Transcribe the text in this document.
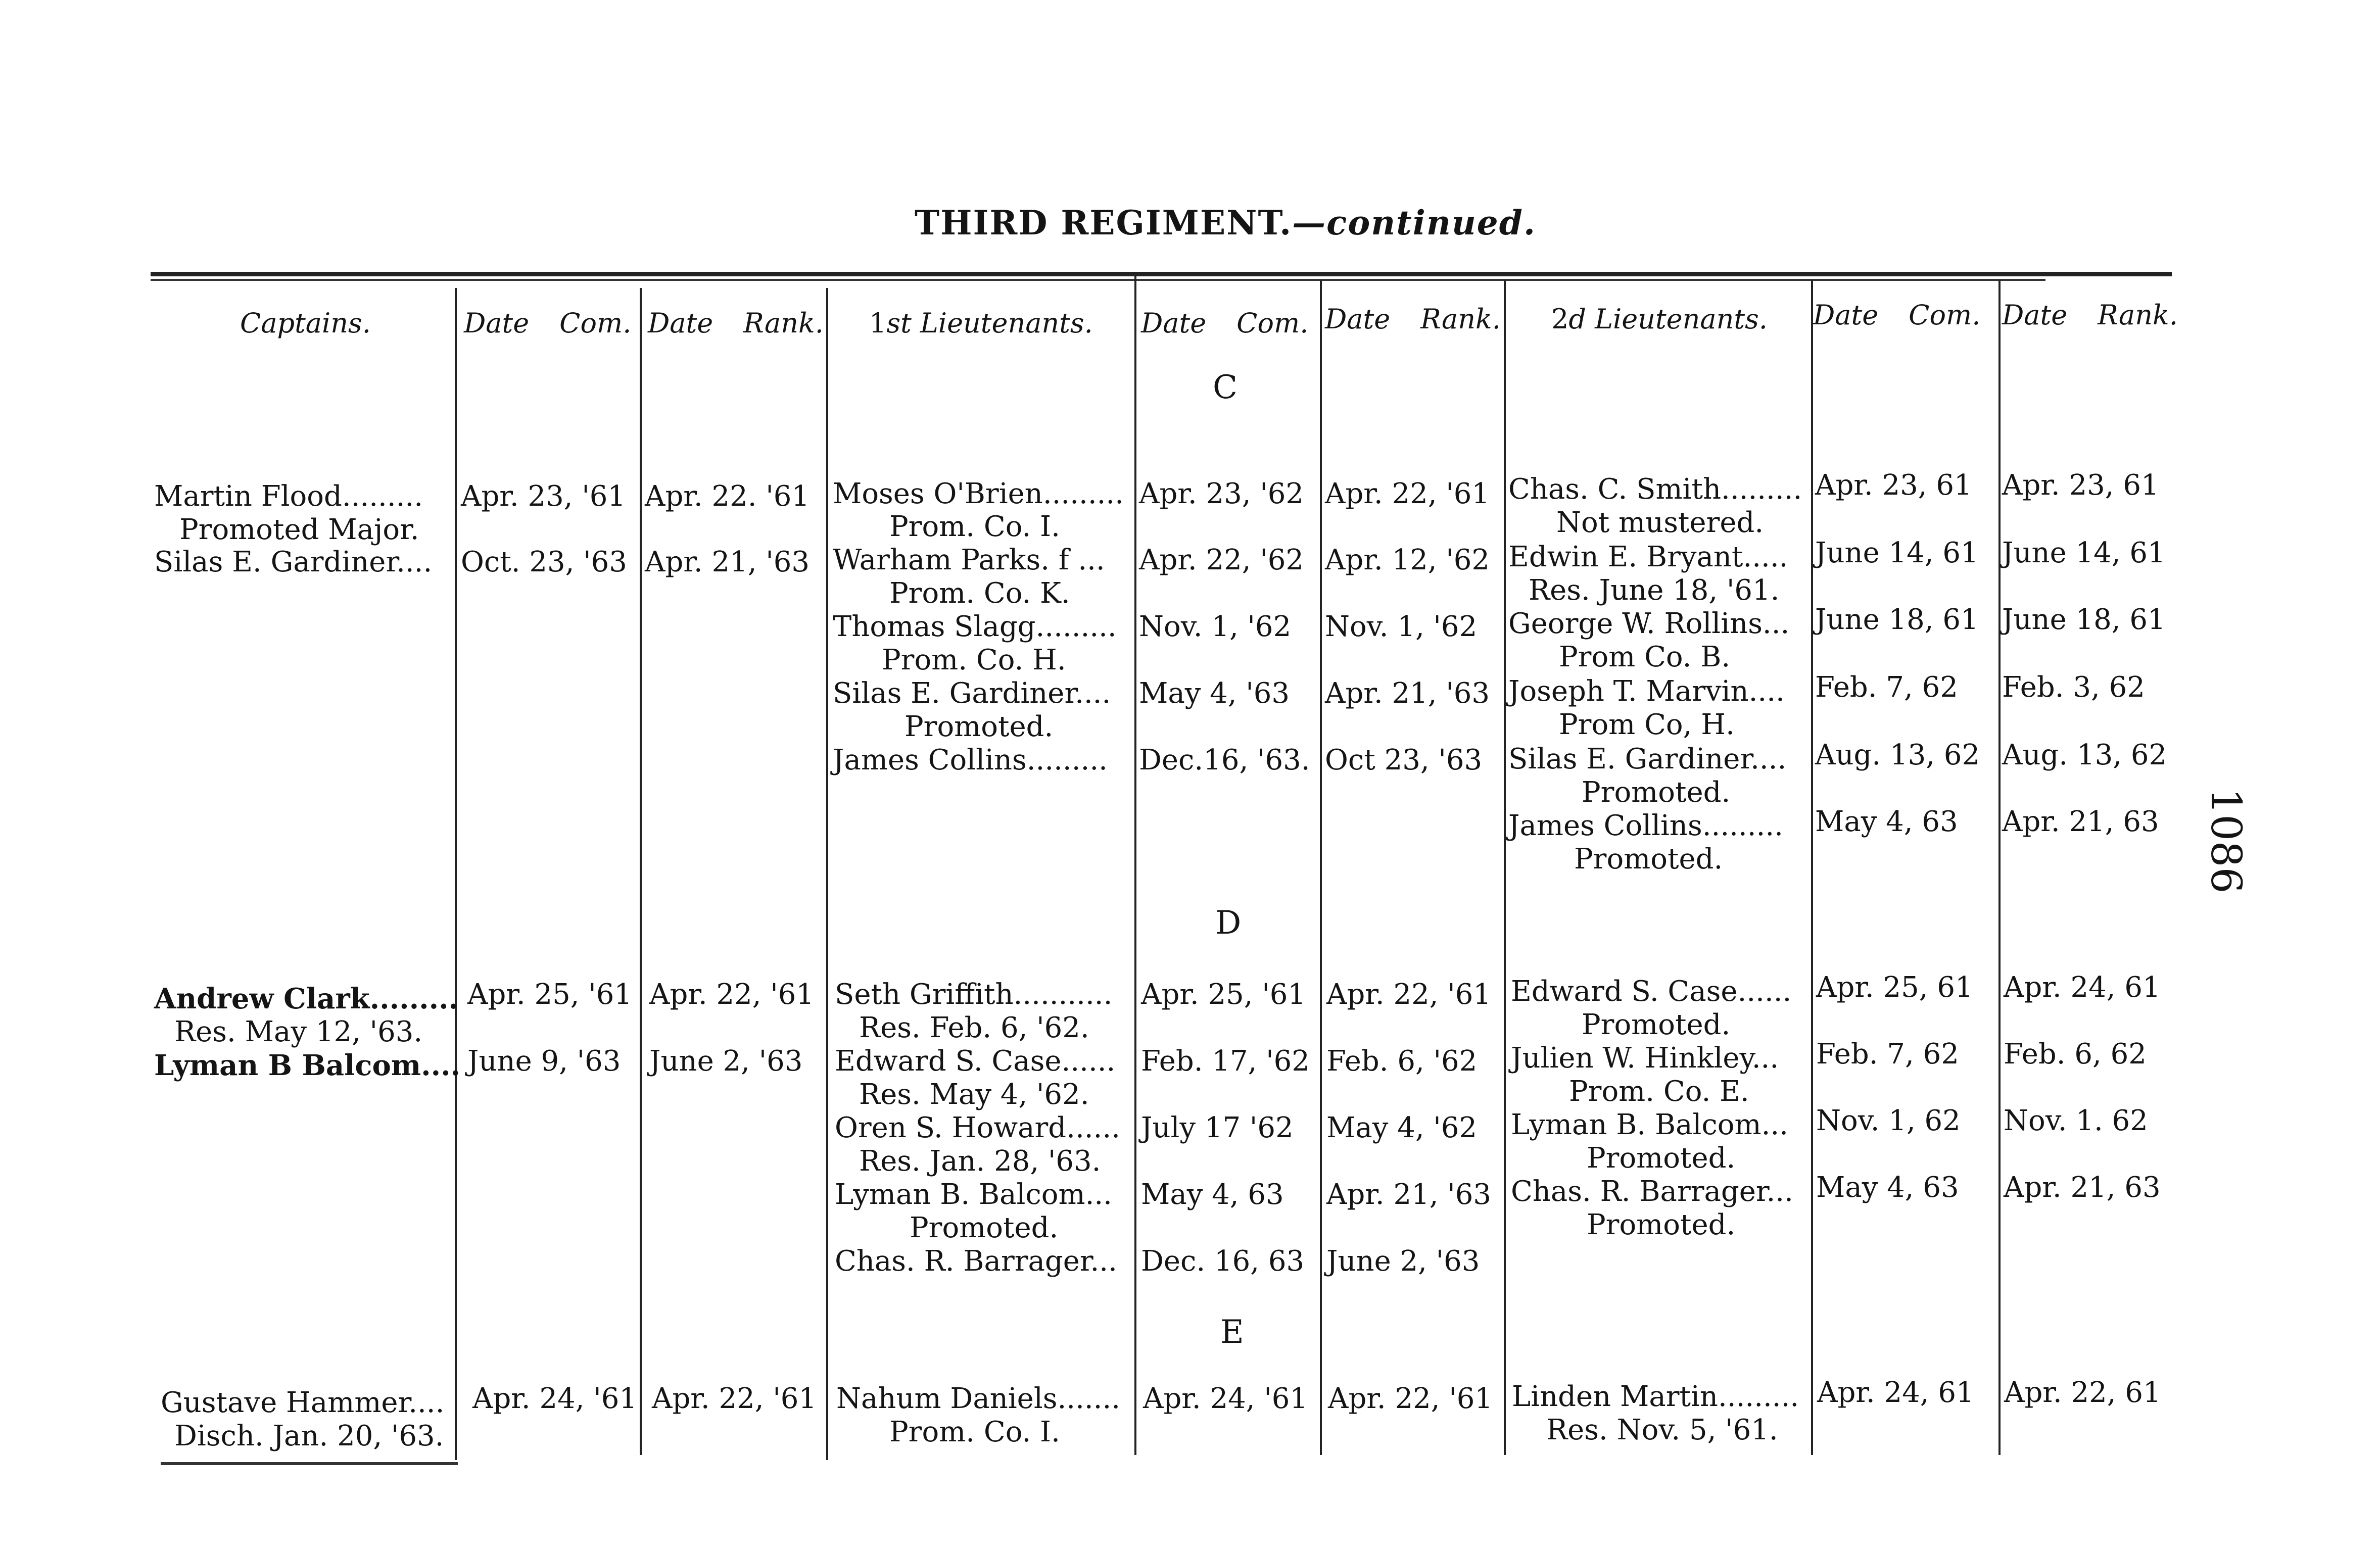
THIRD REGIMENT.—continued.
1086
Captains.	Date Com. Date Rank. 1st Lieutenants. Date Com. Date Rank. 2d Lieutenants. Date Com. Date Rank.
C
Martin Flood......... Apr. 23, '61 Apr. 22. '61
Promoted Major.
Silas E. Gardiner.... Oct. 23, '63 Apr. 21, '63
Moses O'Brien......... Apr. 23, '62 Apr. 22, '61
Prom. Co. I.
Warham Parks. f ... Apr. 22, '62 Apr. 12, '62
Prom. Co. K.
Thomas Slagg......... Nov. 1, '62 Nov. 1, '62
Prom. Co. H.
Silas E. Gardiner.... May 4, '63 Apr. 21, '63
Promoted.
James Collins......... Dec.16, '63. Oct 23, '63
Chas. C. Smith......... Apr. 23, 61 Apr. 23, 61
Not mustered.
Edwin E. Bryant..... June 14, 61 June 14, 61
Res. June 18, '61.
George W. Rollins... June 18, 61 June 18, 61
Prom Co. B.
Joseph T. Marvin.... Feb. 7, 62 Feb. 3, 62
Prom Co, H.
Silas E. Gardiner.... Aug. 13, 62 Aug. 13, 62
Promoted.
James Collins......... May 4, 63 Apr. 21, 63
Promoted.
D
Andrew Clark......... Apr. 25, '61 Apr. 22, '61
Res. May 12, '63.
Lyman B Balcom.... June 9, '63 June 2, '63
Seth Griffith........... Apr. 25, '61 Apr. 22, '61
Res. Feb. 6, '62.
Edward S. Case...... Feb. 17, '62 Feb. 6, '62
Res. May 4, '62.
Oren S. Howard...... July 17 '62 May 4, '62
Res. Jan. 28, '63.
Lyman B. Balcom... May 4, 63 Apr. 21, '63
Promoted.
Chas. R. Barrager... Dec. 16, 63 June 2, '63
Edward S. Case...... Apr. 25, 61 Apr. 24, 61
Promoted.
Julien W. Hinkley... Feb. 7, 62 Feb. 6, 62
Prom. Co. E.
Lyman B. Balcom... Nov. 1, 62 Nov. 1. 62
Promoted.
Chas. R. Barrager... May 4, 63 Apr. 21, 63
Promoted.
E
Gustave Hammer.... Apr. 24, '61 Apr. 22, '61
Disch. Jan. 20, '63.
Nahum Daniels....... Apr. 24, '61 Apr. 22, '61
Prom. Co. I.
Linden Martin......... Apr. 24, 61 Apr. 22, 61
Res. Nov. 5, '61.
